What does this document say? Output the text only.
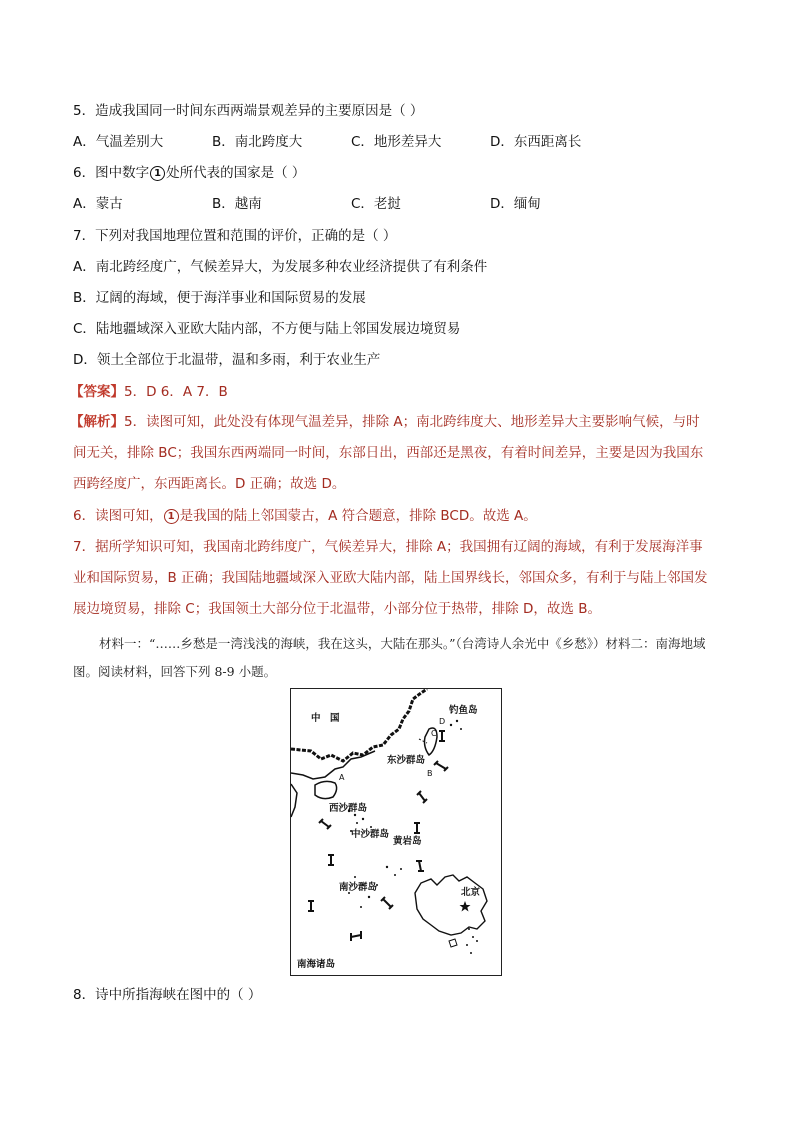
5．造成我国同一时间东西两端景观差异的主要原因是（ ）
A．气温差别大	B．南北跨度大	C．地形差异大	D．东西距离长
6．图中数字 1 处所代表的国家是（ ）
A．蒙古	B．越南	C．老挝	D．缅甸
7．下列对我国地理位置和范围的评价，正确的是（ ）
A．南北跨经度广，气候差异大，为发展多种农业经济提供了有利条件
B．辽阔的海域，便于海洋事业和国际贸易的发展
C．陆地疆域深入亚欧大陆内部，不方便与陆上邻国发展边境贸易
D．领土全部位于北温带，温和多雨，利于农业生产
【答案】5．D 6．A 7．B
【解析】5．读图可知，此处没有体现气温差异，排除 A；南北跨纬度大、地形差异大主要影响气候，与时
间无关，排除 BC；我国东西两端同一时间，东部日出，西部还是黑夜，有着时间差异，主要是因为我国东
西跨经度广，东西距离长。D 正确；故选 D。
6．读图可知， 1 是我国的陆上邻国蒙古，A 符合题意，排除 BCD。故选 A。
7．据所学知识可知，我国南北跨纬度广，气候差异大，排除 A；我国拥有辽阔的海域，有利于发展海洋事
业和国际贸易，B 正确；我国陆地疆域深入亚欧大陆内部，陆上国界线长，邻国众多，有利于与陆上邻国发
展边境贸易，排除 C；我国领土大部分位于北温带，小部分位于热带，排除 D，故选 B。
材料一：“……乡愁是一湾浅浅的海峡，我在这头，大陆在那头。”（台湾诗人余光中《乡愁》）材料二：南海地域图。阅读材料，回答下列 8-9 小题。
中　国
钓鱼岛
东沙群岛
西沙群岛
中沙群岛
黄岩岛
南沙群岛	北京
南海诸岛
D
C
B
A
8．诗中所指海峡在图中的（ ）
